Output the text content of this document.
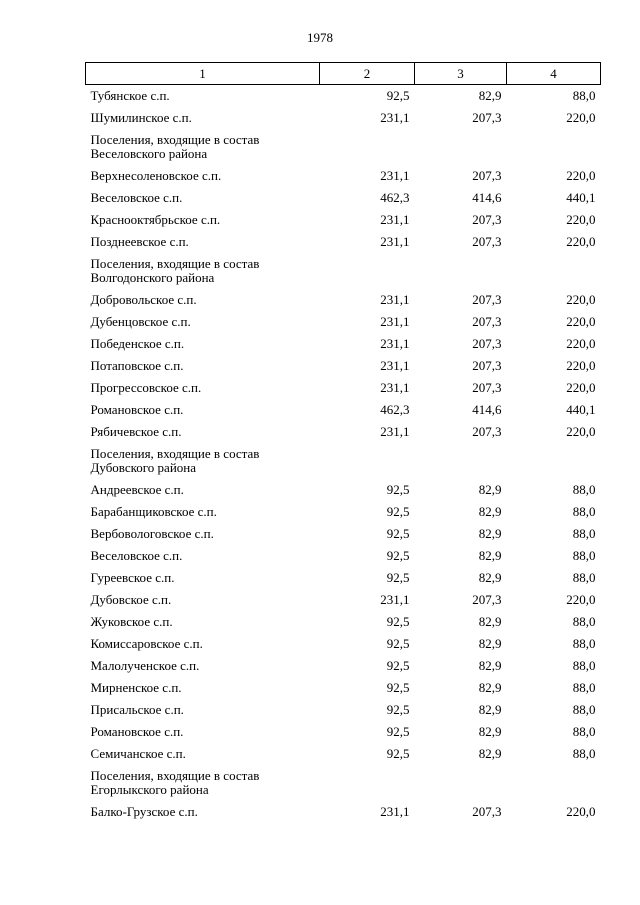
1978
1	2	3	4
Тубянское с.п.	92,5	82,9	88,0
Шумилинское с.п.	231,1	207,3	220,0

Поселения, входящие в состав
Веселовского района			

Верхнесоленовское с.п.	231,1	207,3	220,0
Веселовское с.п.	462,3	414,6	440,1
Краснооктябрьское с.п.	231,1	207,3	220,0
Позднеевское с.п.	231,1	207,3	220,0

Поселения, входящие в состав
Волгодонского района			

Добровольское с.п.	231,1	207,3	220,0
Дубенцовское с.п.	231,1	207,3	220,0
Победенское с.п.	231,1	207,3	220,0
Потаповское с.п.	231,1	207,3	220,0
Прогрессовское с.п.	231,1	207,3	220,0
Романовское с.п.	462,3	414,6	440,1
Рябичевское с.п.	231,1	207,3	220,0

Поселения, входящие в состав
Дубовского района			

Андреевское с.п.	92,5	82,9	88,0
Барабанщиковское с.п.	92,5	82,9	88,0
Вербовологовское с.п.	92,5	82,9	88,0
Веселовское с.п.	92,5	82,9	88,0
Гуреевское с.п.	92,5	82,9	88,0
Дубовское с.п.	231,1	207,3	220,0
Жуковское с.п.	92,5	82,9	88,0
Комиссаровское с.п.	92,5	82,9	88,0
Малолученское с.п.	92,5	82,9	88,0
Мирненское с.п.	92,5	82,9	88,0
Присальское с.п.	92,5	82,9	88,0
Романовское с.п.	92,5	82,9	88,0
Семичанское с.п.	92,5	82,9	88,0

Поселения, входящие в состав
Егорлыкского района			

Балко-Грузское с.п.	231,1	207,3	220,0
